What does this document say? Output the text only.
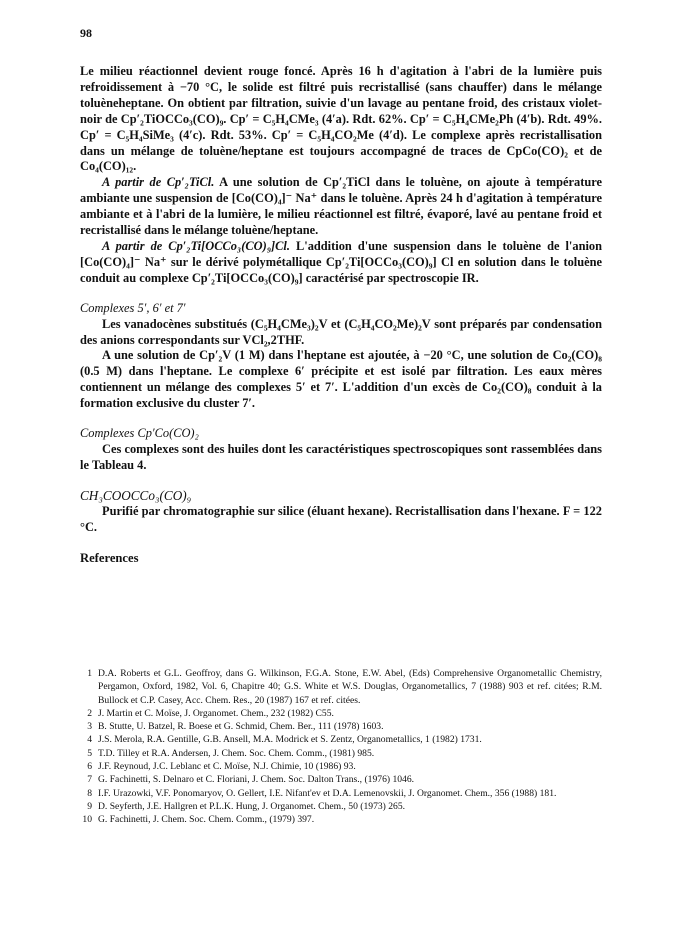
98

Le milieu réactionnel devient rouge foncé. Après 16 h d'agitation à l'abri de la lumière puis refroidissement à −70 °C, le solide est filtré puis recristallisé (sans chauffer) dans le mélange toluèneheptane. On obtient par filtration, suivie d'un lavage au pentane froid, des cristaux violet-noir de Cp′₂TiOCCo₃(CO)₉. Cp′ = C₅H₄CMe₃ (4′a). Rdt. 62%. Cp′ = C₅H₄CMe₂Ph (4′b). Rdt. 49%. Cp′ = C₅H₄SiMe₃ (4′c). Rdt. 53%. Cp′ = C₅H₄CO₂Me (4′d). Le complexe après recristallisation dans un mélange de toluène/heptane est toujours accompagné de traces de CpCo(CO)₂ et de Co₄(CO)₁₂.

A partir de Cp′₂TiCl. A une solution de Cp′₂TiCl dans le toluène, on ajoute à température ambiante une suspension de [Co(CO)₄]⁻ Na⁺ dans le toluène. Après 24 h d'agitation à température ambiante et à l'abri de la lumière, le milieu réactionnel est filtré, évaporé, lavé au pentane froid et recristallisé dans le mélange toluène/heptane.

A partir de Cp′₂Ti[OCCo₃(CO)₉]Cl. L'addition d'une suspension dans le toluène de l'anion [Co(CO)₄]⁻ Na⁺ sur le dérivé polymétallique Cp′₂Ti[OCCo₃(CO)₉] Cl en solution dans le toluène conduit au complexe Cp′₂Ti[OCCo₃(CO)₉] caractérisé par spectroscopie IR.

Complexes 5′, 6′ et 7′

Les vanadocènes substitués (C₅H₄CMe₃)₂V et (C₅H₄CO₂Me)₂V sont préparés par condensation des anions correspondants sur VCl₂,2THF.

A une solution de Cp′₂V (1 M) dans l'heptane est ajoutée, à −20 °C, une solution de Co₂(CO)₈ (0.5 M) dans l'heptane. Le complexe 6′ précipite et est isolé par filtration. Les eaux mères contiennent un mélange des complexes 5′ et 7′. L'addition d'un excès de Co₂(CO)₈ conduit à la formation exclusive du cluster 7′.

Complexes Cp′Co(CO)₂

Ces complexes sont des huiles dont les caractéristiques spectroscopiques sont rassemblées dans le Tableau 4.

CH₃COOCCo₃(CO)₉

Purifié par chromatographie sur silice (éluant hexane). Recristallisation dans l'hexane. F = 122 °C.

References

1 D.A. Roberts et G.L. Geoffroy, dans G. Wilkinson, F.G.A. Stone, E.W. Abel, (Eds) Comprehensive Organometallic Chemistry, Pergamon, Oxford, 1982, Vol. 6, Chapitre 40; G.S. White et W.S. Douglas, Organometallics, 7 (1988) 903 et ref. citées; R.M. Bullock et C.P. Casey, Acc. Chem. Res., 20 (1987) 167 et ref. citées.
2 J. Martin et C. Moïse, J. Organomet. Chem., 232 (1982) C55.
3 B. Stutte, U. Batzel, R. Boese et G. Schmid, Chem. Ber., 111 (1978) 1603.
4 J.S. Merola, R.A. Gentille, G.B. Ansell, M.A. Modrick et S. Zentz, Organometallics, 1 (1982) 1731.
5 T.D. Tilley et R.A. Andersen, J. Chem. Soc. Chem. Comm., (1981) 985.
6 J.F. Reynoud, J.C. Leblanc et C. Moïse, N.J. Chimie, 10 (1986) 93.
7 G. Fachinetti, S. Delnaro et C. Floriani, J. Chem. Soc. Dalton Trans., (1976) 1046.
8 I.F. Urazowki, V.F. Ponomaryov, O. Gellert, I.E. Nifant'ev et D.A. Lemenovskii, J. Organomet. Chem., 356 (1988) 181.
9 D. Seyferth, J.E. Hallgren et P.L.K. Hung, J. Organomet. Chem., 50 (1973) 265.
10 G. Fachinetti, J. Chem. Soc. Chem. Comm., (1979) 397.
